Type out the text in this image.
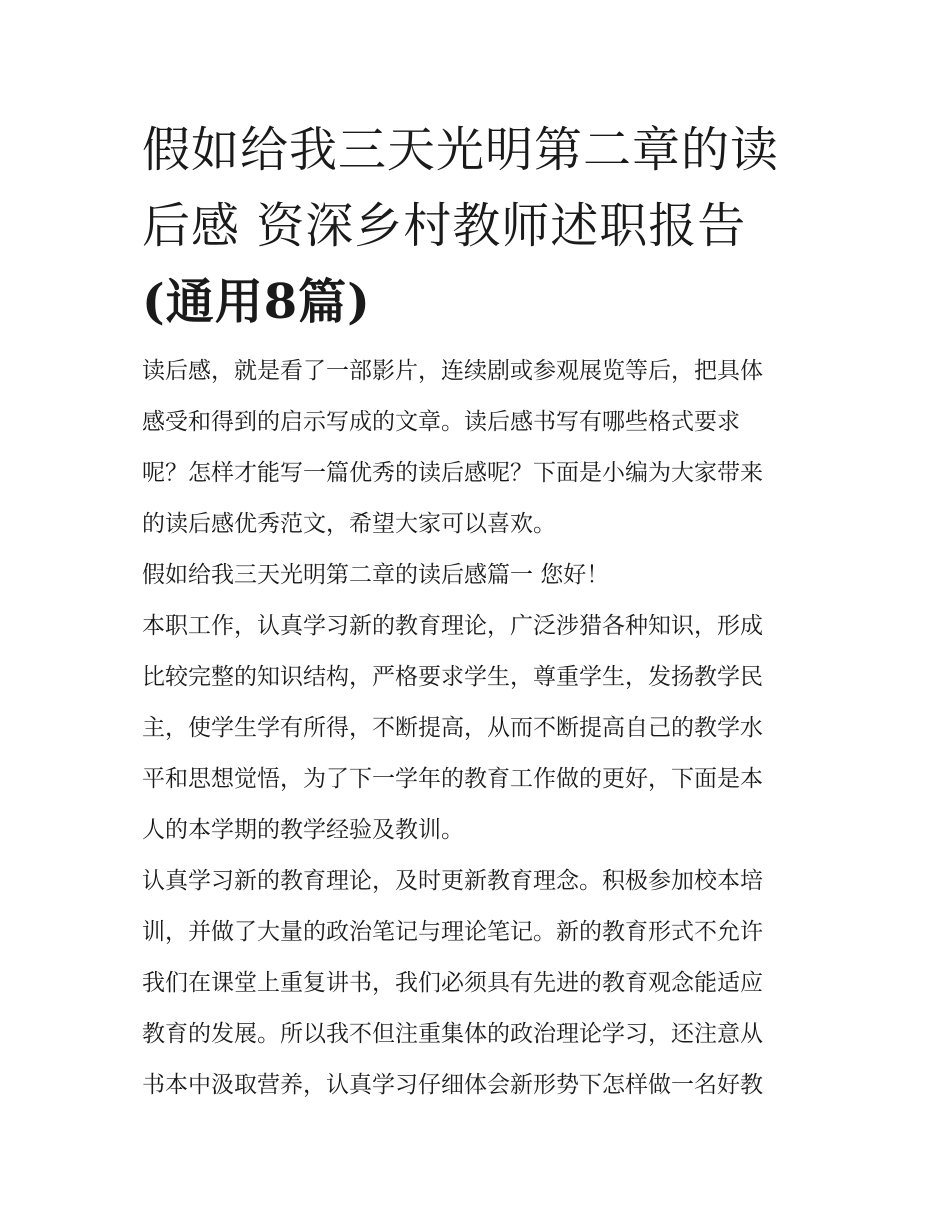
假如给我三天光明第二章的读
后感 资深乡村教师述职报告
(通用8篇)

读后感，就是看了一部影片，连续剧或参观展览等后，把具体
感受和得到的启示写成的文章。读后感书写有哪些格式要求
呢？怎样才能写一篇优秀的读后感呢？下面是小编为大家带来
的读后感优秀范文，希望大家可以喜欢。

假如给我三天光明第二章的读后感篇一 您好！

本职工作，认真学习新的教育理论，广泛涉猎各种知识，形成
比较完整的知识结构，严格要求学生，尊重学生，发扬教学民
主，使学生学有所得，不断提高，从而不断提高自己的教学水
平和思想觉悟，为了下一学年的教育工作做的更好，下面是本
人的本学期的教学经验及教训。

认真学习新的教育理论，及时更新教育理念。积极参加校本培
训，并做了大量的政治笔记与理论笔记。新的教育形式不允许
我们在课堂上重复讲书，我们必须具有先进的教育观念能适应
教育的发展。所以我不但注重集体的政治理论学习，还注意从
书本中汲取营养，认真学习仔细体会新形势下怎样做一名好教
